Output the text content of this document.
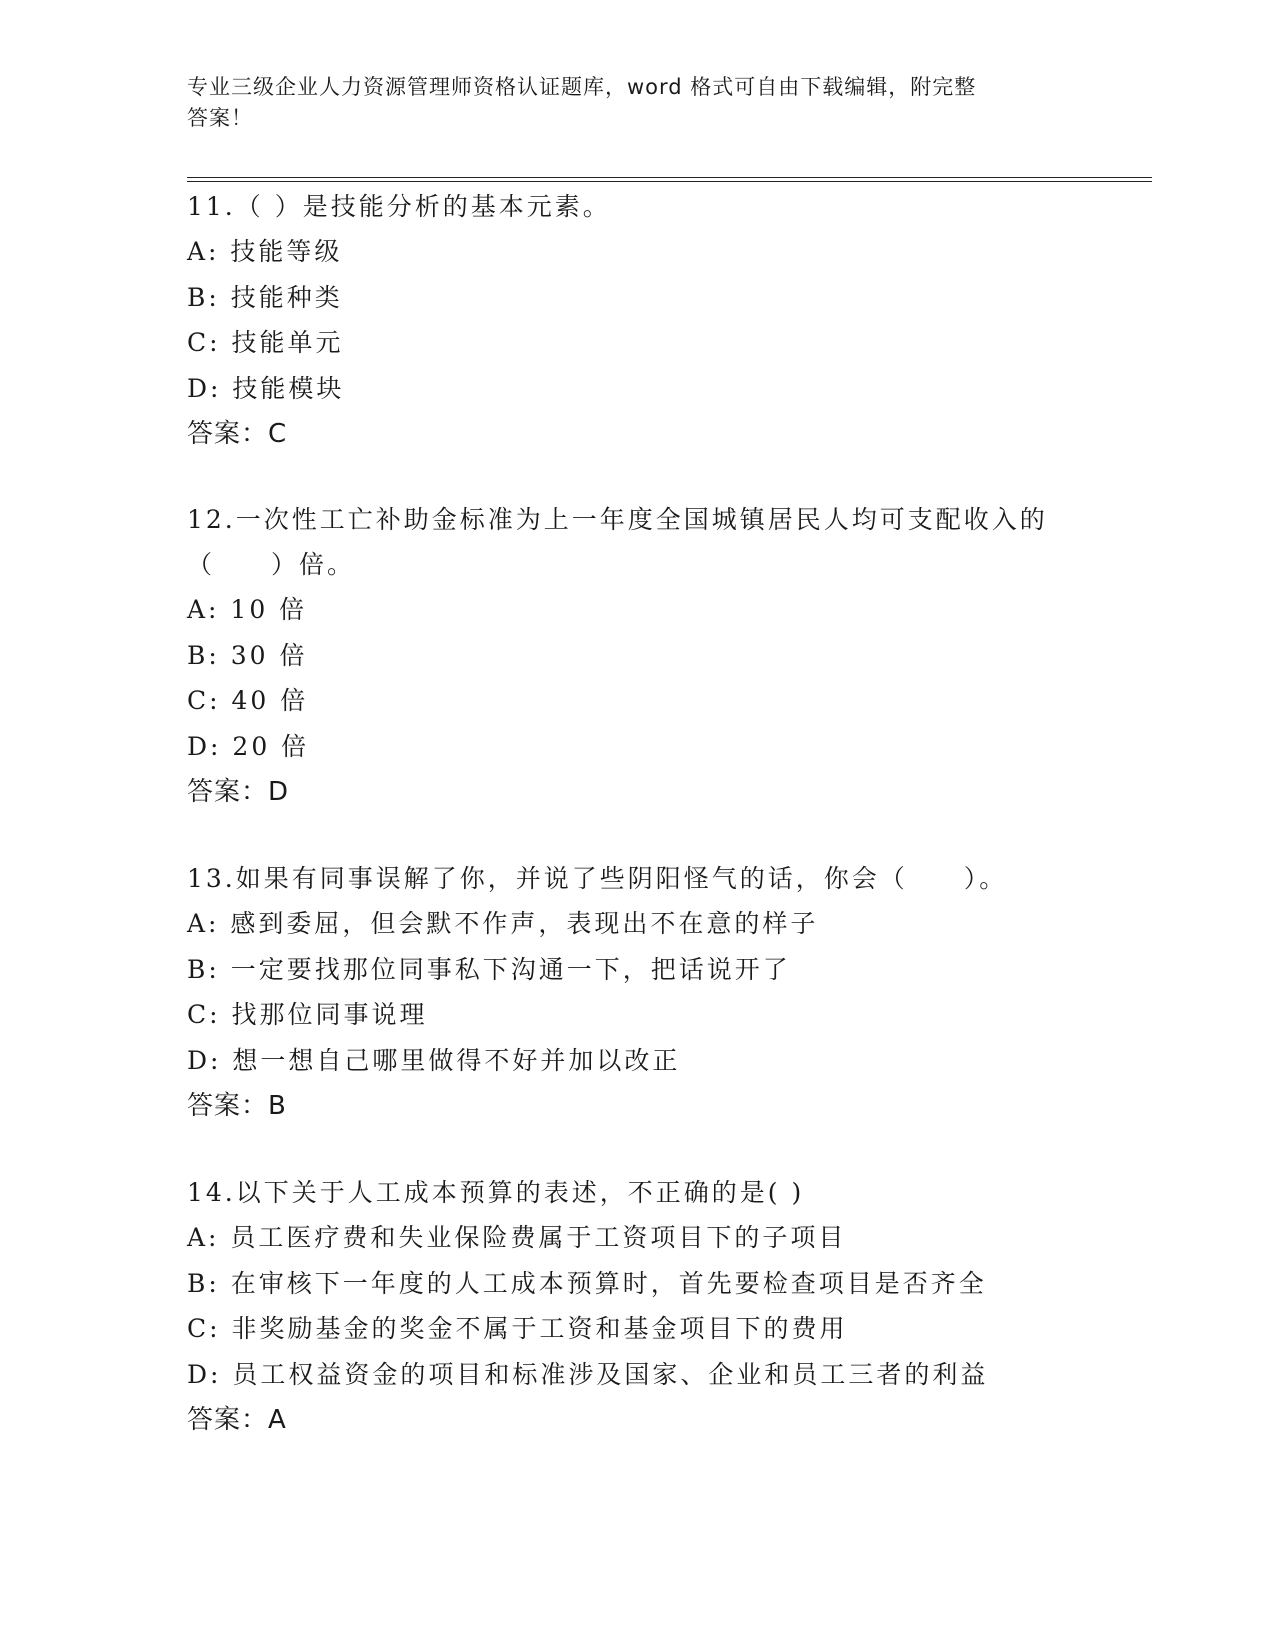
专业三级企业人力资源管理师资格认证题库，word 格式可自由下载编辑，附完整
答案！
11.（ ）是技能分析的基本元素。
A: 技能等级
B: 技能种类
C: 技能单元
D: 技能模块
答案：C
12.一次性工亡补助金标准为上一年度全国城镇居民人均可支配收入的
（　　）倍。
A: 10 倍
B: 30 倍
C: 40 倍
D: 20 倍
答案：D
13.如果有同事误解了你，并说了些阴阳怪气的话，你会（　　）。
A: 感到委屈，但会默不作声，表现出不在意的样子
B: 一定要找那位同事私下沟通一下，把话说开了
C: 找那位同事说理
D: 想一想自己哪里做得不好并加以改正
答案：B
14.以下关于人工成本预算的表述，不正确的是( )
A: 员工医疗费和失业保险费属于工资项目下的子项目
B: 在审核下一年度的人工成本预算时，首先要检查项目是否齐全
C: 非奖励基金的奖金不属于工资和基金项目下的费用
D: 员工权益资金的项目和标准涉及国家、企业和员工三者的利益
答案：A
